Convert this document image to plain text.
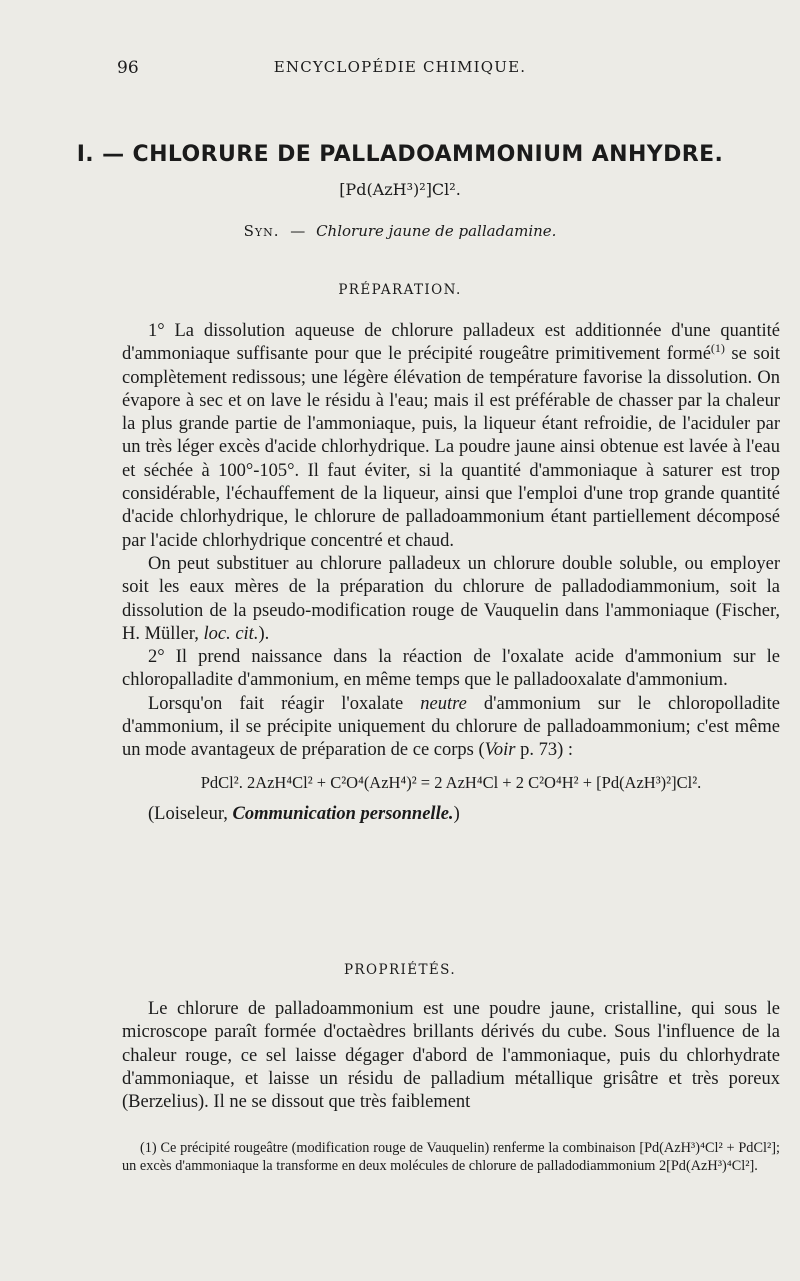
96	ENCYCLOPÉDIE CHIMIQUE.
I. — CHLORURE DE PALLADOAMMONIUM ANHYDRE.
[Pd(AzH³)²]Cl².
Syn. — Chlorure jaune de palladamine.
PRÉPARATION.

1° La dissolution aqueuse de chlorure palladeux est additionnée d'une quantité d'ammoniaque suffisante pour que le précipité rougeâtre primitivement formé$^{(1)}$ se soit complètement redissous; une légère élévation de température favorise la dissolution. On évapore à sec et on lave le résidu à l'eau; mais il est préférable de chasser par la chaleur la plus grande partie de l'ammoniaque, puis, la liqueur étant refroidie, de l'aciduler par un très léger excès d'acide chlorhydrique. La poudre jaune ainsi obtenue est lavée à l'eau et séchée à 100°-105°. Il faut éviter, si la quantité d'ammoniaque à saturer est trop considérable, l'échauffement de la liqueur, ainsi que l'emploi d'une trop grande quantité d'acide chlorhydrique, le chlorure de palladoammonium étant partiellement décomposé par l'acide chlorhydrique concentré et chaud.

On peut substituer au chlorure palladeux un chlorure double soluble, ou employer soit les eaux mères de la préparation du chlorure de palladodiammonium, soit la dissolution de la pseudo-modification rouge de Vauquelin dans l'ammoniaque (Fischer, H. Müller, loc. cit.).

2° Il prend naissance dans la réaction de l'oxalate acide d'ammonium sur le chloropalladite d'ammonium, en même temps que le palladooxalate d'ammonium.

Lorsqu'on fait réagir l'oxalate neutre d'ammonium sur le chloropolladite d'ammonium, il se précipite uniquement du chlorure de palladoammonium; c'est même un mode avantageux de préparation de ce corps (Voir p. 73) :

PdCl². 2AzH⁴Cl² + C²O⁴(AzH⁴)² = 2 AzH⁴Cl + 2 C²O⁴H² + [Pd(AzH³)²]Cl².

(Loiseleur, Communication personnelle.)

PROPRIÉTÉS.

Le chlorure de palladoammonium est une poudre jaune, cristalline, qui sous le microscope paraît formée d'octaèdres brillants dérivés du cube. Sous l'influence de la chaleur rouge, ce sel laisse dégager d'abord de l'ammoniaque, puis du chlorhydrate d'ammoniaque, et laisse un résidu de palladium métallique grisâtre et très poreux (Berzelius). Il ne se dissout que très faiblement

(1) Ce précipité rougeâtre (modification rouge de Vauquelin) renferme la combinaison [Pd(AzH³)⁴Cl² + PdCl²]; un excès d'ammoniaque la transforme en deux molécules de chlorure de palladodiammonium 2[Pd(AzH³)⁴Cl²].
